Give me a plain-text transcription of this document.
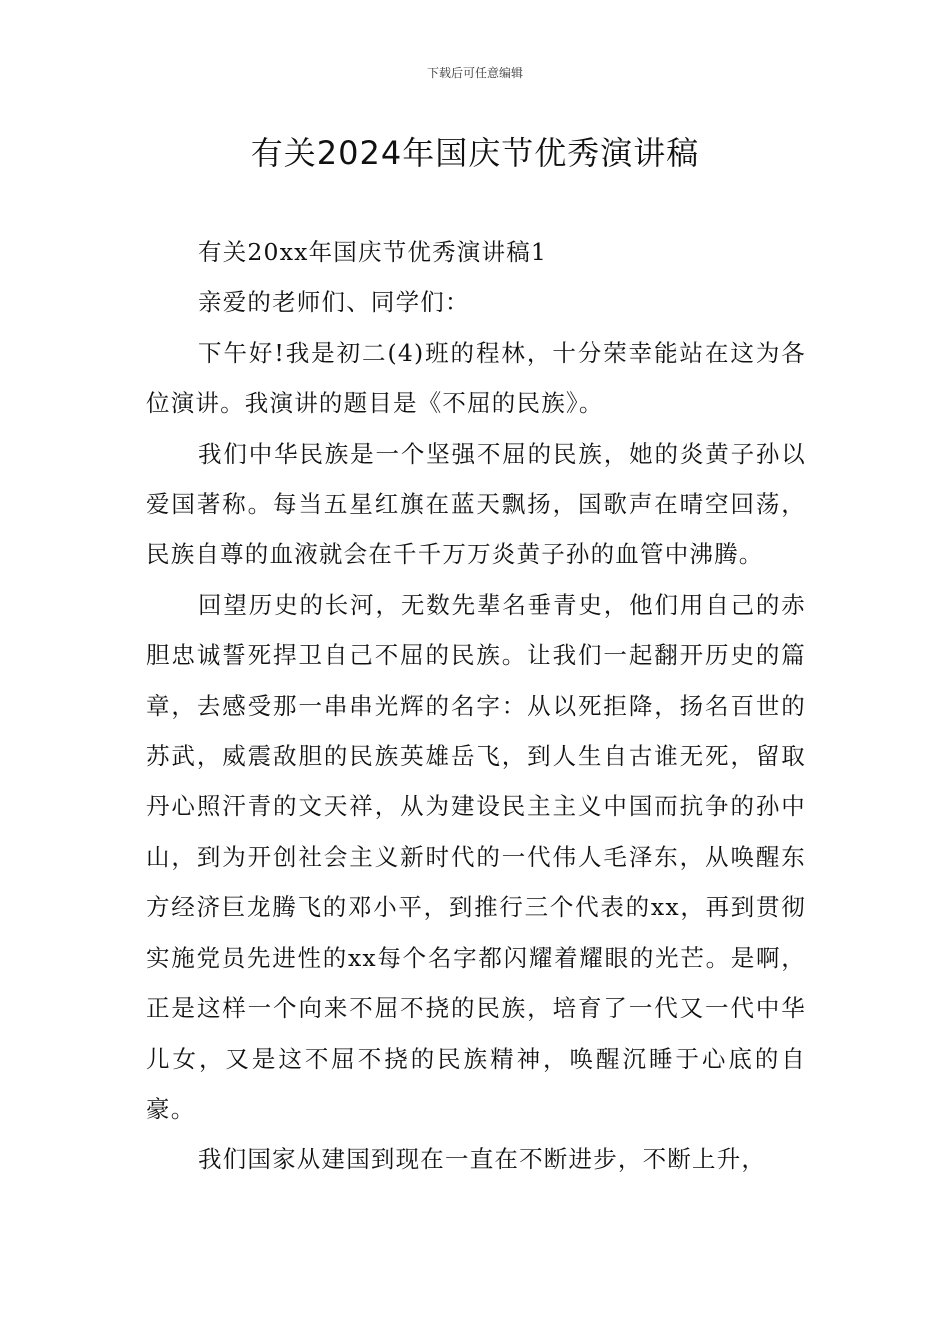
下载后可任意编辑
有关2024年国庆节优秀演讲稿

有关20xx年国庆节优秀演讲稿1

亲爱的老师们、同学们：

下午好!我是初二(4)班的程林，十分荣幸能站在这为各位演讲。我演讲的题目是《不屈的民族》。

我们中华民族是一个坚强不屈的民族，她的炎黄子孙以爱国著称。每当五星红旗在蓝天飘扬，国歌声在晴空回荡，民族自尊的血液就会在千千万万炎黄子孙的血管中沸腾。

回望历史的长河，无数先辈名垂青史，他们用自己的赤胆忠诚誓死捍卫自己不屈的民族。让我们一起翻开历史的篇章，去感受那一串串光辉的名字：从以死拒降，扬名百世的苏武，威震敌胆的民族英雄岳飞，到人生自古谁无死，留取丹心照汗青的文天祥，从为建设民主主义中国而抗争的孙中山，到为开创社会主义新时代的一代伟人毛泽东，从唤醒东方经济巨龙腾飞的邓小平，到推行三个代表的xx，再到贯彻实施党员先进性的xx每个名字都闪耀着耀眼的光芒。是啊，正是这样一个向来不屈不挠的民族，培育了一代又一代中华儿女，又是这不屈不挠的民族精神，唤醒沉睡于心底的自豪。

我们国家从建国到现在一直在不断进步，不断上升，
